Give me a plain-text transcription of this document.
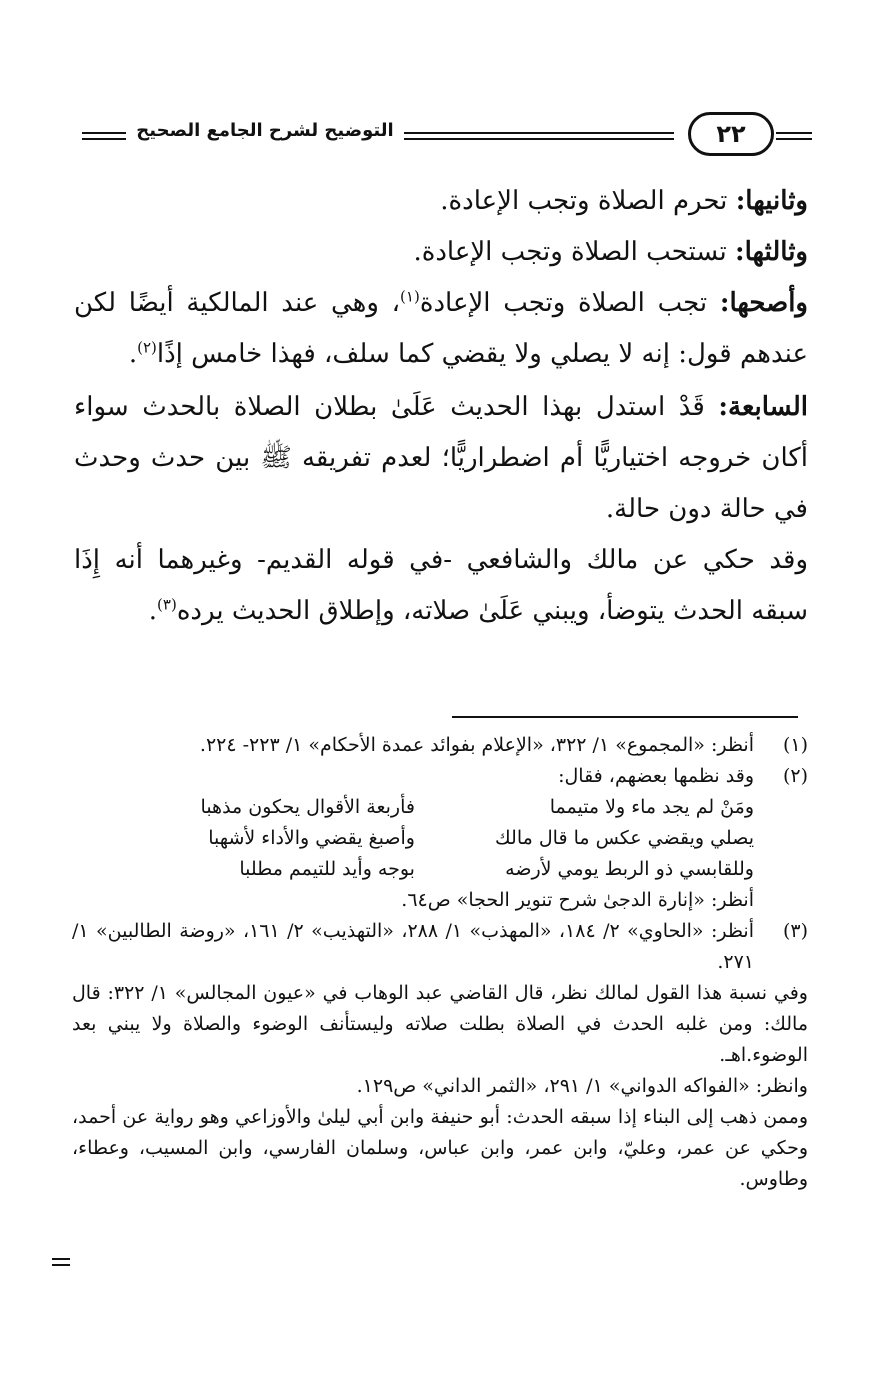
التوضيح لشرح الجامع الصحيح	٢٢

وثانيها: تحرم الصلاة وتجب الإعادة.

وثالثها: تستحب الصلاة وتجب الإعادة.

وأصحها: تجب الصلاة وتجب الإعادة$^{(١)}$، وهي عند المالكية أيضًا لكن عندهم قول: إنه لا يصلي ولا يقضي كما سلف، فهذا خامس إذًا$^{(٢)}$.

السابعة: قَدْ استدل بهذا الحديث عَلَىٰ بطلان الصلاة بالحدث سواء أكان خروجه اختياريًّا أم اضطراريًّا؛ لعدم تفريقه ﷺ بين حدث وحدث في حالة دون حالة.

وقد حكي عن مالك والشافعي -في قوله القديم- وغيرهما أنه إِذَا سبقه الحدث يتوضأ، ويبني عَلَىٰ صلاته، وإطلاق الحديث يرده$^{(٣)}$.

(١)

أنظر: «المجموع» ١/ ٣٢٢، «الإعلام بفوائد عمدة الأحكام» ١/ ٢٢٣- ٢٢٤.

(٢)

وقد نظمها بعضهم، فقال:

ومَنْ لم يجد ماء ولا متيمما
فأربعة الأقوال يحكون مذهبا
يصلي ويقضي عكس ما قال مالك
وأصبغ يقضي والأداء لأشهبا
وللقابسي ذو الربط يومي لأرضه
بوجه وأيد للتيمم مطلبا

أنظر: «إنارة الدجىٰ شرح تنوير الحجا» ص٦٤.

(٣)

أنظر: «الحاوي» ٢/ ١٨٤، «المهذب» ١/ ٢٨٨، «التهذيب» ٢/ ١٦١، «روضة الطالبين» ١/ ٢٧١.

وفي نسبة هذا القول لمالك نظر، قال القاضي عبد الوهاب في «عيون المجالس» ١/ ٣٢٢: قال مالك: ومن غلبه الحدث في الصلاة بطلت صلاته وليستأنف الوضوء والصلاة ولا يبني بعد الوضوء.اهـ.

وانظر: «الفواكه الدواني» ١/ ٢٩١، «الثمر الداني» ص١٢٩.

وممن ذهب إلى البناء إذا سبقه الحدث: أبو حنيفة وابن أبي ليلىٰ والأوزاعي وهو رواية عن أحمد، وحكي عن عمر، وعليّ، وابن عمر، وابن عباس، وسلمان الفارسي، وابن المسيب، وعطاء، وطاوس.
